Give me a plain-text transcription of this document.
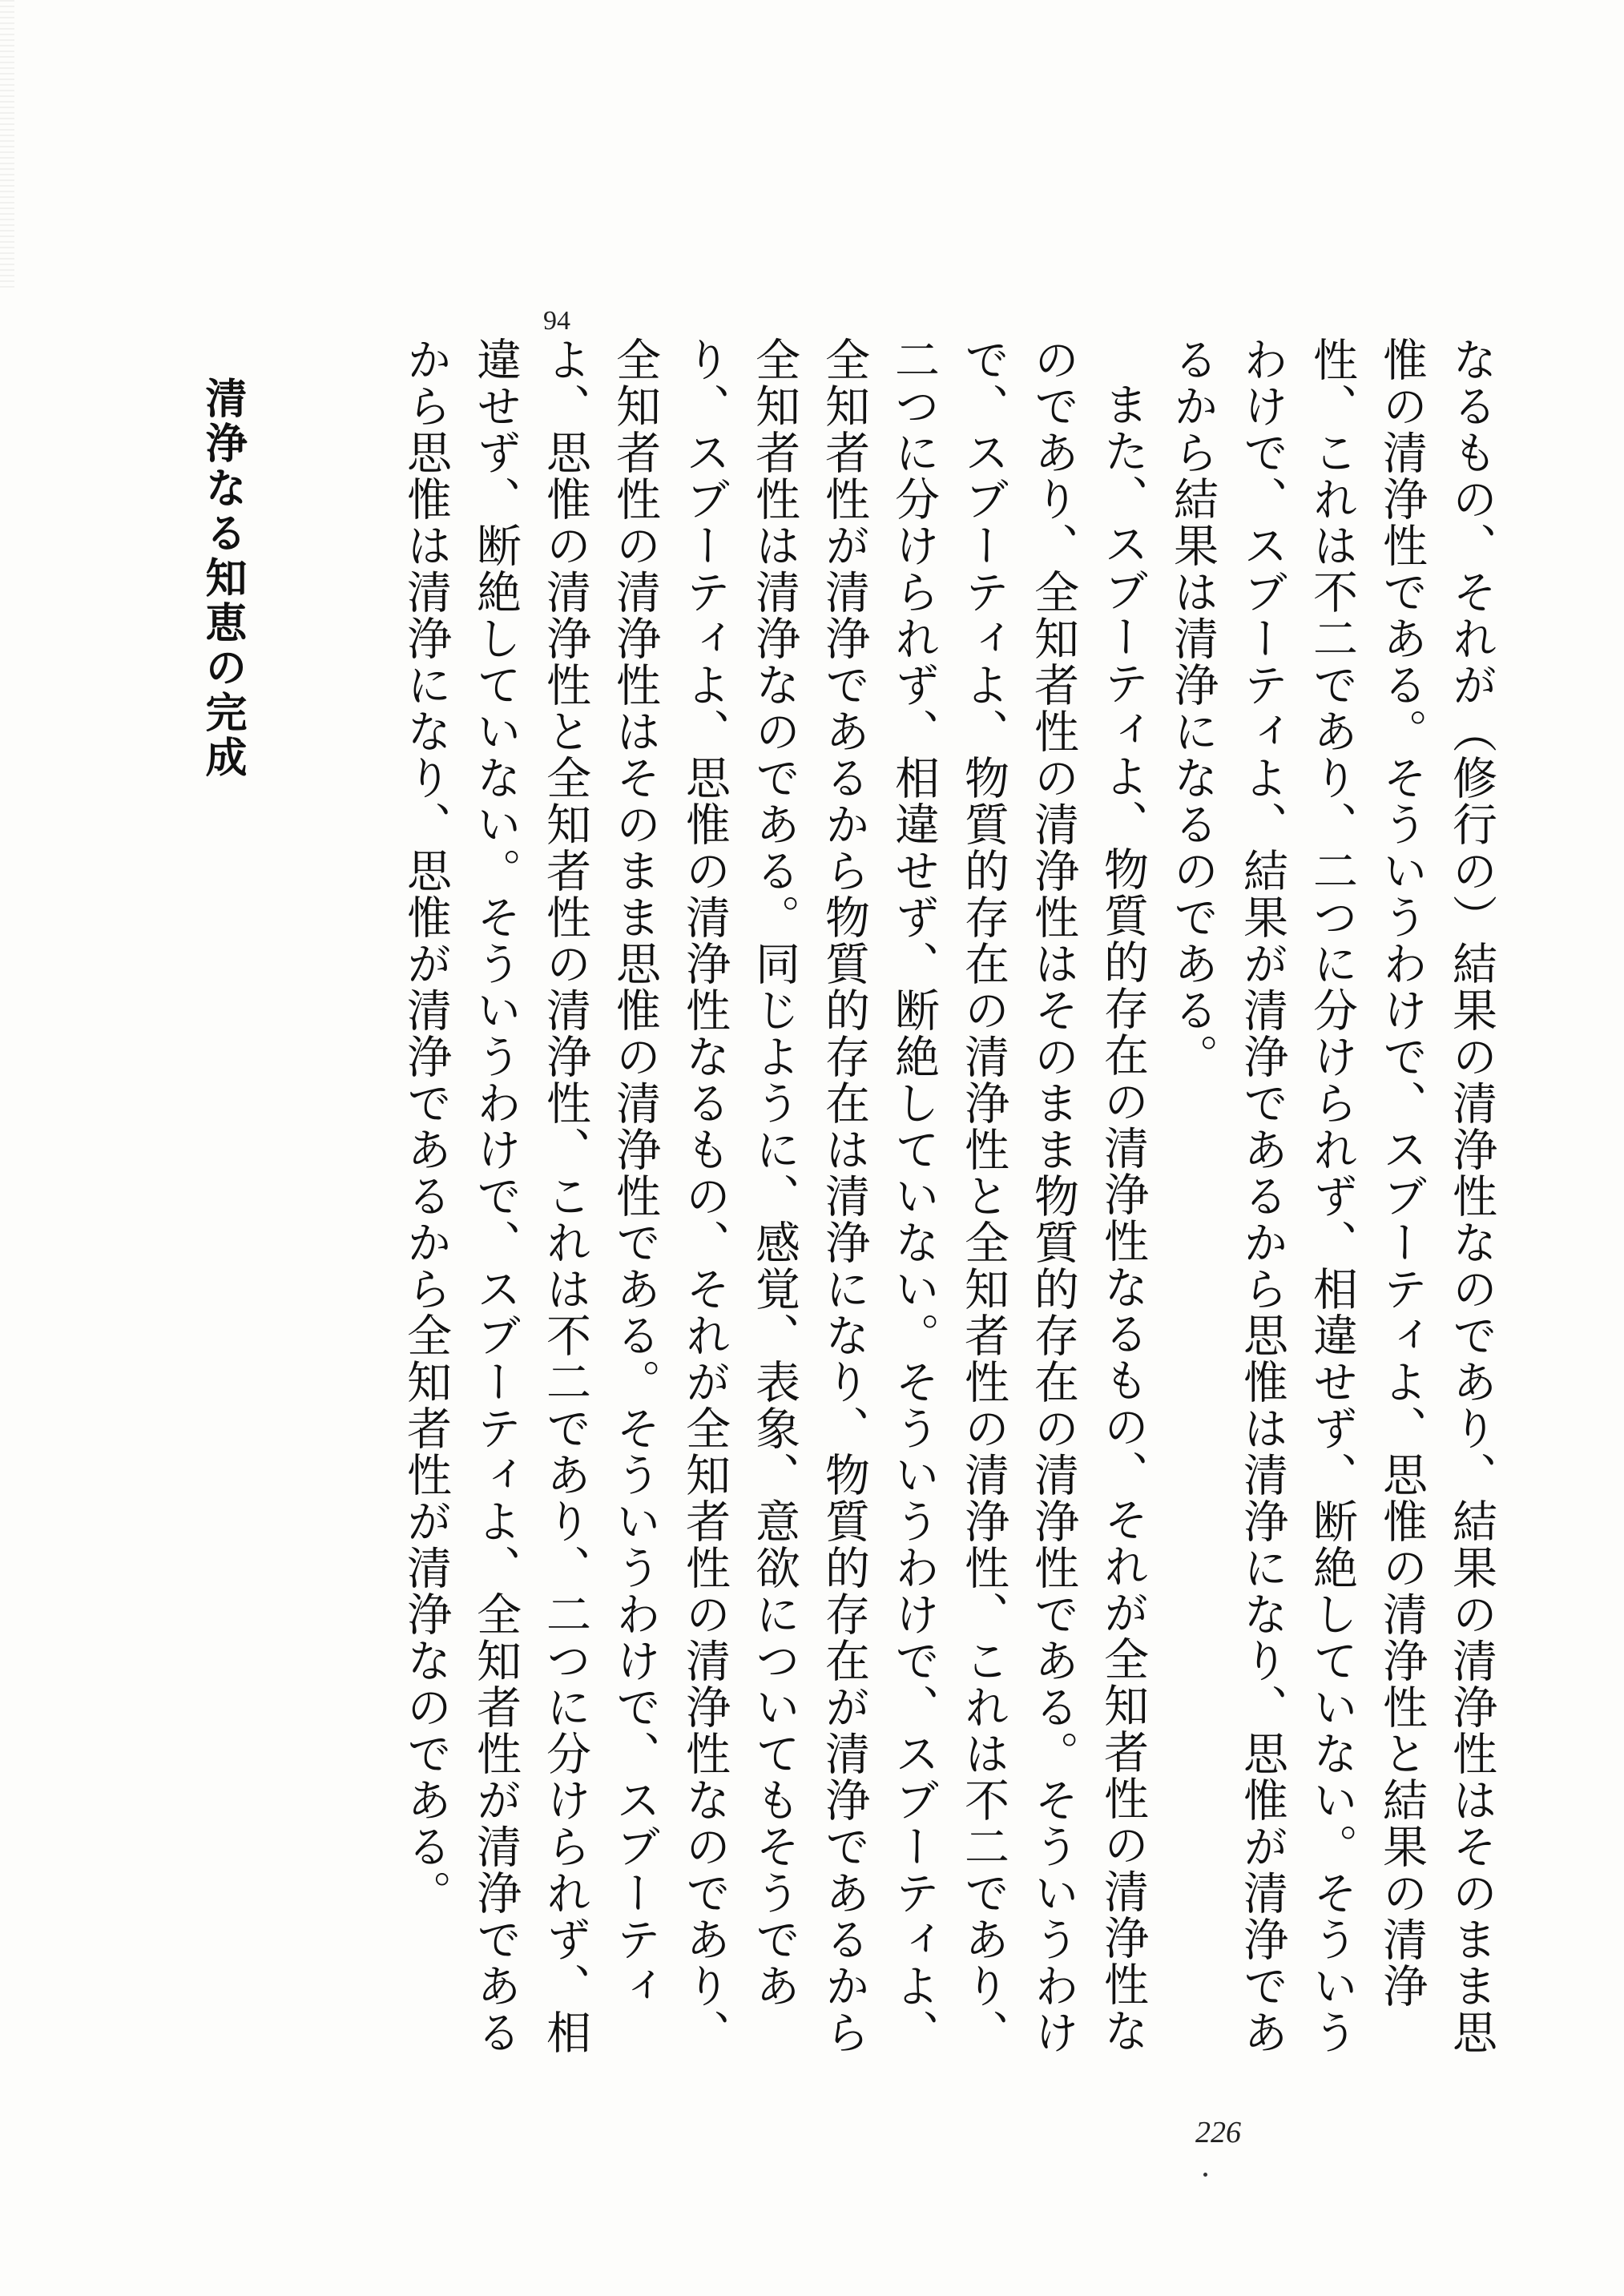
なるもの、それが（修行の）結果の清浄性なのであり、結果の清浄性はそのまま思惟の清浄性である。そういうわけで、スブーティよ、思惟の清浄性と結果の清浄性、これは不二であり、二つに分けられず、相違せず、断絶していない。そういうわけで、スブーティよ、結果が清浄であるから思惟は清浄になり、思惟が清浄であるから結果は清浄になるのである。

また、スブーティよ、物質的存在の清浄性なるもの、それが全知者性の清浄性なのであり、全知者性の清浄性はそのまま物質的存在の清浄性である。そういうわけで、スブーティよ、物質的存在の清浄性と全知者性の清浄性、これは不二であり、二つに分けられず、相違せず、断絶していない。そういうわけで、スブーティよ、全知者性が清浄であるから物質的存在は清浄になり、物質的存在が清浄であるから全知者性は清浄なのである。同じように、感覚、表象、意欲についてもそうであり、スブーティよ、思惟の清浄性なるもの、それが全知者性の清浄性なのであり、全知者性の清浄性はそのまま思惟の清浄性である。そういうわけで、スブーティよ、思惟の清浄性と全知者性の清浄性、これは不二であり、二つに分けられず、相違せず、断絶していない。そういうわけで、スブーティよ、全知者性が清浄であるから思惟は清浄になり、思惟が清浄であるから全知者性が清浄なのである。

94
清浄なる知恵の完成
226
